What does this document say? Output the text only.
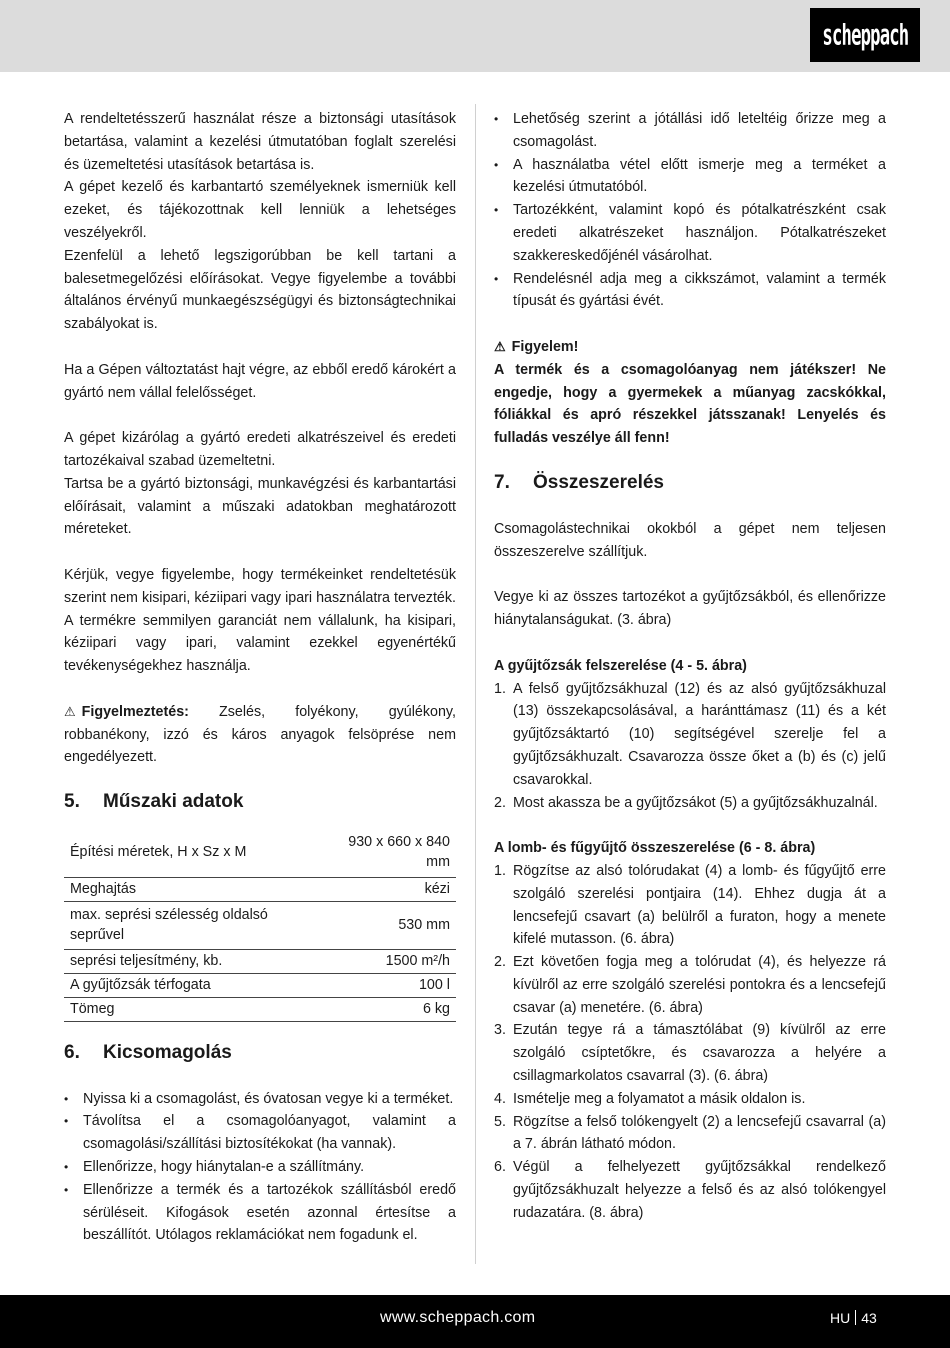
scheppach

A rendeltetésszerű használat része a biztonsági utasítások betartása, valamint a kezelési útmutatóban foglalt szerelési és üzemeltetési utasítások betartása is.

A gépet kezelő és karbantartó személyeknek ismerniük kell ezeket, és tájékozottnak kell lenniük a lehetséges veszélyekről.

Ezenfelül a lehető legszigorúbban be kell tartani a balesetmegelőzési előírásokat. Vegye figyelembe a további általános érvényű munkaegészségügyi és biztonságtechnikai szabályokat is.

Ha a Gépen változtatást hajt végre, az ebből eredő károkért a gyártó nem vállal felelősséget.

A gépet kizárólag a gyártó eredeti alkatrészeivel és eredeti tartozékaival szabad üzemeltetni.

Tartsa be a gyártó biztonsági, munkavégzési és karbantartási előírásait, valamint a műszaki adatokban meghatározott méreteket.

Kérjük, vegye figyelembe, hogy termékeinket rendeltetésük szerint nem kisipari, kéziipari vagy ipari használatra tervezték. A termékre semmilyen garanciát nem vállalunk, ha kisipari, kéziipari vagy ipari, valamint ezekkel egyenértékű tevékenységekhez használja.

⚠ Figyelmeztetés: Zselés, folyékony, gyúlékony, robbanékony, izzó és káros anyagok felsöprése nem engedélyezett.

5.	Műszaki adatok
Építési méretek, H x Sz x M	930 x 660 x 840 mm
Meghajtás	kézi
max. seprési szélesség oldalsó seprűvel	530 mm
seprési teljesítmény, kb.	1500 m²/h
A gyűjtőzsák térfogata	100 l
Tömeg	6 kg
6.	Kicsomagolás
• Nyissa ki a csomagolást, és óvatosan vegye ki a terméket.
• Távolítsa el a csomagolóanyagot, valamint a csomagolási/szállítási biztosítékokat (ha vannak).
• Ellenőrizze, hogy hiánytalan-e a szállítmány.
• Ellenőrizze a termék és a tartozékok szállításból eredő sérüléseit. Kifogások esetén azonnal értesítse a beszállítót. Utólagos reklamációkat nem fogadunk el.
• Lehetőség szerint a jótállási idő leteltéig őrizze meg a csomagolást.
• A használatba vétel előtt ismerje meg a terméket a kezelési útmutatóból.
• Tartozékként, valamint kopó és pótalkatrészként csak eredeti alkatrészeket használjon. Pótalkatrészeket szakkereskedőjénél vásárolhat.
• Rendelésnél adja meg a cikkszámot, valamint a termék típusát és gyártási évét.

⚠ Figyelem!

A termék és a csomagolóanyag nem játékszer! Ne engedje, hogy a gyermekek a műanyag zacskókkal, fóliákkal és apró részekkel játsszanak! Lenyelés és fulladás veszélye áll fenn!

7.	Összeszerelés

Csomagolástechnikai okokból a gépet nem teljesen összeszerelve szállítjuk.

Vegye ki az összes tartozékot a gyűjtőzsákból, és ellenőrizze hiánytalanságukat. (3. ábra)

A gyűjtőzsák felszerelése (4 - 5. ábra)

1. A felső gyűjtőzsákhuzal (12) és az alsó gyűjtőzsákhuzal (13) összekapcsolásával, a haránttámasz (11) és a két gyűjtőzsáktartó (10) segítségével szerelje fel a gyűjtőzsákhuzalt. Csavarozza össze őket a (b) és (c) jelű csavarokkal.
2. Most akassza be a gyűjtőzsákot (5) a gyűjtőzsákhuzalnál.

A lomb- és fűgyűjtő összeszerelése (6 - 8. ábra)

1. Rögzítse az alsó tolórudakat (4) a lomb- és fűgyűjtő erre szolgáló szerelési pontjaira (14). Ehhez dugja át a lencsefejű csavart (a) belülről a furaton, hogy a menete kifelé mutasson. (6. ábra)
2. Ezt követően fogja meg a tolórudat (4), és helyezze rá kívülről az erre szolgáló szerelési pontokra és a lencsefejű csavar (a) menetére. (6. ábra)
3. Ezután tegye rá a támasztólábat (9) kívülről az erre szolgáló csíptetőkre, és csavarozza a helyére a csillagmarkolatos csavarral (3). (6. ábra)
4. Ismételje meg a folyamatot a másik oldalon is.
5. Rögzítse a felső tolókengyelt (2) a lencsefejű csavarral (a) a 7. ábrán látható módon.
6. Végül a felhelyezett gyűjtőzsákkal rendelkező gyűjtőzsákhuzalt helyezze a felső és az alsó tolókengyel rudazatára. (8. ábra)
www.scheppach.com	HU 43
